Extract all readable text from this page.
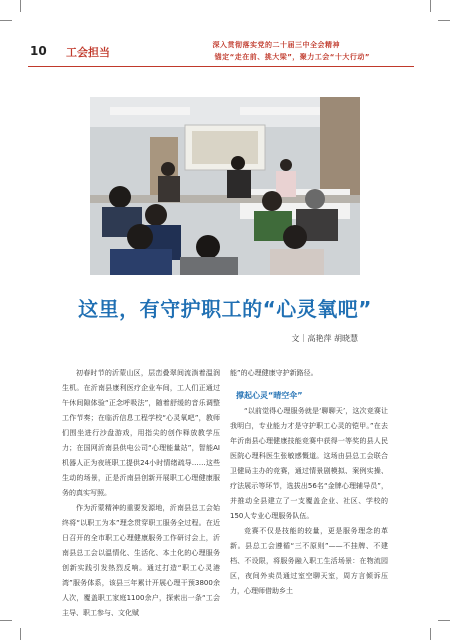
10 工会担当
深入贯彻落实党的二十届三中全会精神
锚定“走在前、挑大梁”，聚力工会“十大行动”
这里，有守护职工的“心灵氧吧”
文｜高艳萍 胡晓慧

初春时节的沂蒙山区，层峦叠翠间流淌着温润生机。在沂南县康利医疗企业车间，工人们正通过午休间隙体验“正念呼吸法”，随着舒缓的音乐调整工作节奏；在临沂信息工程学校“心灵氧吧”，教师们围坐进行沙盘游戏，用指尖的创作释放教学压力；在国网沂南县供电公司“心理能量站”，智能AI机器人正为夜班职工提供24小时情绪疏导……这些生动的场景，正是沂南县创新开展职工心理健康服务的真实写照。

作为沂蒙精神的重要发源地，沂南县总工会始终将“以职工为本”理念贯穿职工服务全过程。在近日召开的全市职工心理健康服务工作研讨会上，沂南县总工会以温情化、生活化、本土化的心理服务创新实践引发热烈反响。通过打造“职工心灵港湾”服务体系，该县三年累计开展心理干预3800余人次，覆盖职工家庭1100余户，探索出一条“工会主导、职工参与、文化赋

能”的心理健康守护新路径。

撑起心灵“晴空伞”

“以前觉得心理服务就是‘聊聊天’，这次竞赛让我明白，专业能力才是守护职工心灵的铠甲。”在去年沂南县心理健康技能竞赛中获得一等奖的县人民医院心理科医生张敏感慨道。这场由县总工会联合卫健局主办的竞赛，通过情景剧模拟、案例实操、疗法展示等环节，选拔出56名“金牌心理辅导员”，并推动全县建立了一支覆盖企业、社区、学校的150人专业心理服务队伍。

竞赛不仅是技能的较量，更是服务理念的革新。县总工会遵循“三不原则”——不挂牌、不建档、不设限，将服务融入职工生活场景：在物流园区，夜间外卖员通过室空聊天室，周方言倾诉压力，心理师借助乡土
